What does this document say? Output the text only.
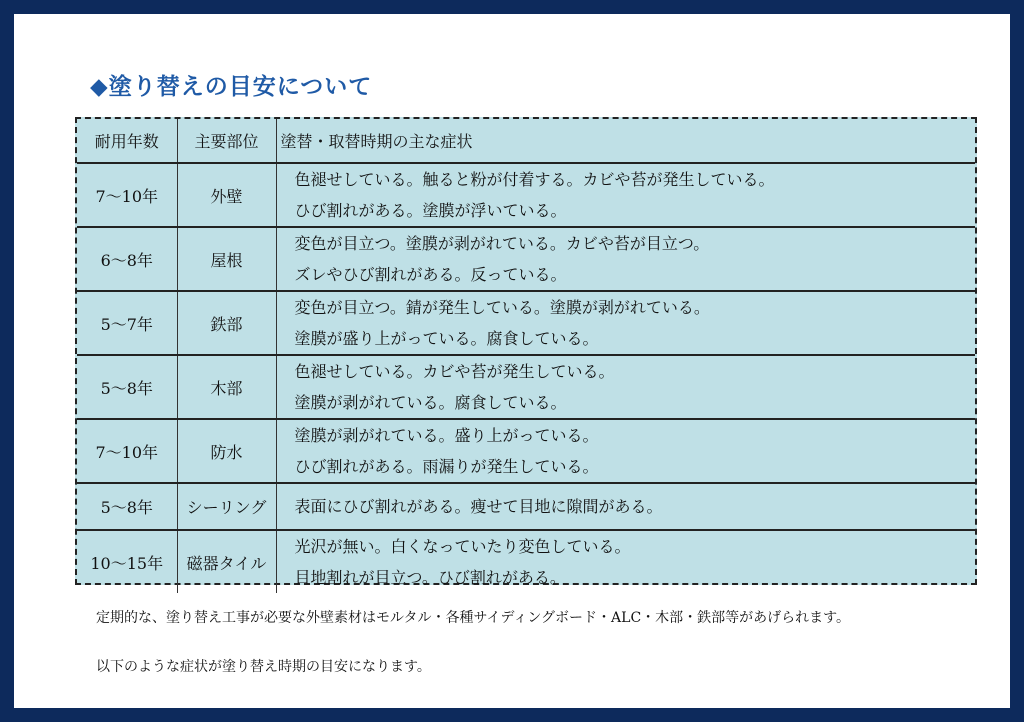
◆塗り替えの目安について
耐用年数	主要部位	塗替・取替時期の主な症状
7～10年	外壁	色褪せしている。触ると粉が付着する。カビや苔が発生している。
ひび割れがある。塗膜が浮いている。

6～8年	屋根	変色が目立つ。塗膜が剥がれている。カビや苔が目立つ。
ズレやひび割れがある。反っている。

5～7年	鉄部	変色が目立つ。錆が発生している。塗膜が剥がれている。
塗膜が盛り上がっている。腐食している。

5～8年	木部	色褪せしている。カビや苔が発生している。
塗膜が剥がれている。腐食している。

7～10年	防水	塗膜が剥がれている。盛り上がっている。
ひび割れがある。雨漏りが発生している。

5～8年	シーリング	表面にひび割れがある。痩せて目地に隙間がある。

10～15年	磁器タイル	光沢が無い。白くなっていたり変色している。
目地割れが目立つ。ひび割れがある。

定期的な、塗り替え工事が必要な外壁素材はモルタル・各種サイディングボード・ALC・木部・鉄部等があげられます。

以下のような症状が塗り替え時期の目安になります。
